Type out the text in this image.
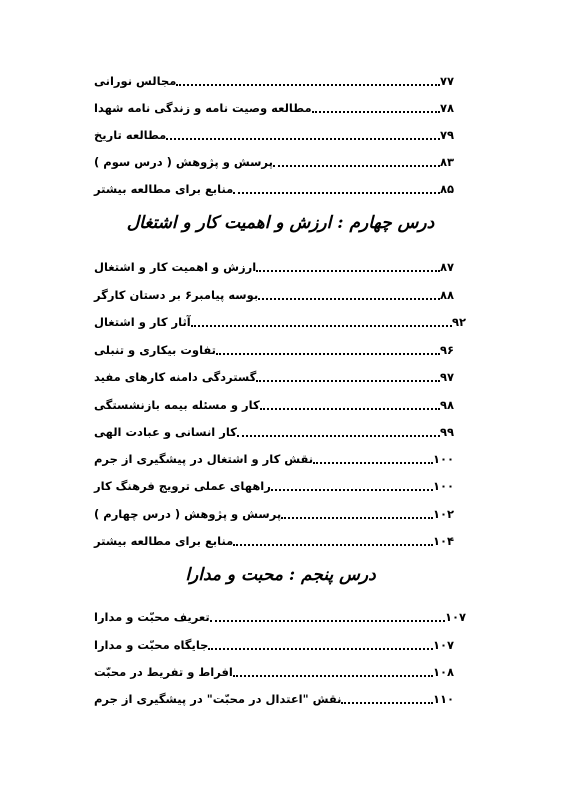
مجالس نورانی	۷۷
مطالعه وصیت نامه و زندگی نامه شهدا	۷۸
مطالعه تاریخ	۷۹
پرسش و پژوهش ( درس سوم )	۸۳
منابع برای مطالعه بیشتر	۸۵
درس چهارم : ارزش و اهمیت کار و اشتغال
ارزش و اهمیت کار و اشتغال	۸۷
بوسه پیامبر۶ بر دستان کارگر	۸۸
آثار کار و اشتغال	۹۲
تفاوت بیکاری و تنبلی	۹۶
گستردگی دامنه کارهای مفید	۹۷
کار و مسئله بیمه بازنشستگی	۹۸
کار انسانی و عبادت الهی	۹۹
نقش کار و اشتغال در پیشگیری از جرم	۱۰۰
راههای عملی ترویج فرهنگ کار	۱۰۰
پرسش و پژوهش ( درس چهارم )	۱۰۲
منابع برای مطالعه بیشتر	۱۰۴
درس پنجم : محبت و مدارا
تعریف محبّت و مدارا	۱۰۷
جایگاه محبّت و مدارا	۱۰۷
افراط و تفریط در محبّت	۱۰۸
نقش "اعتدال در محبّت" در پیشگیری از جرم	۱۱۰
